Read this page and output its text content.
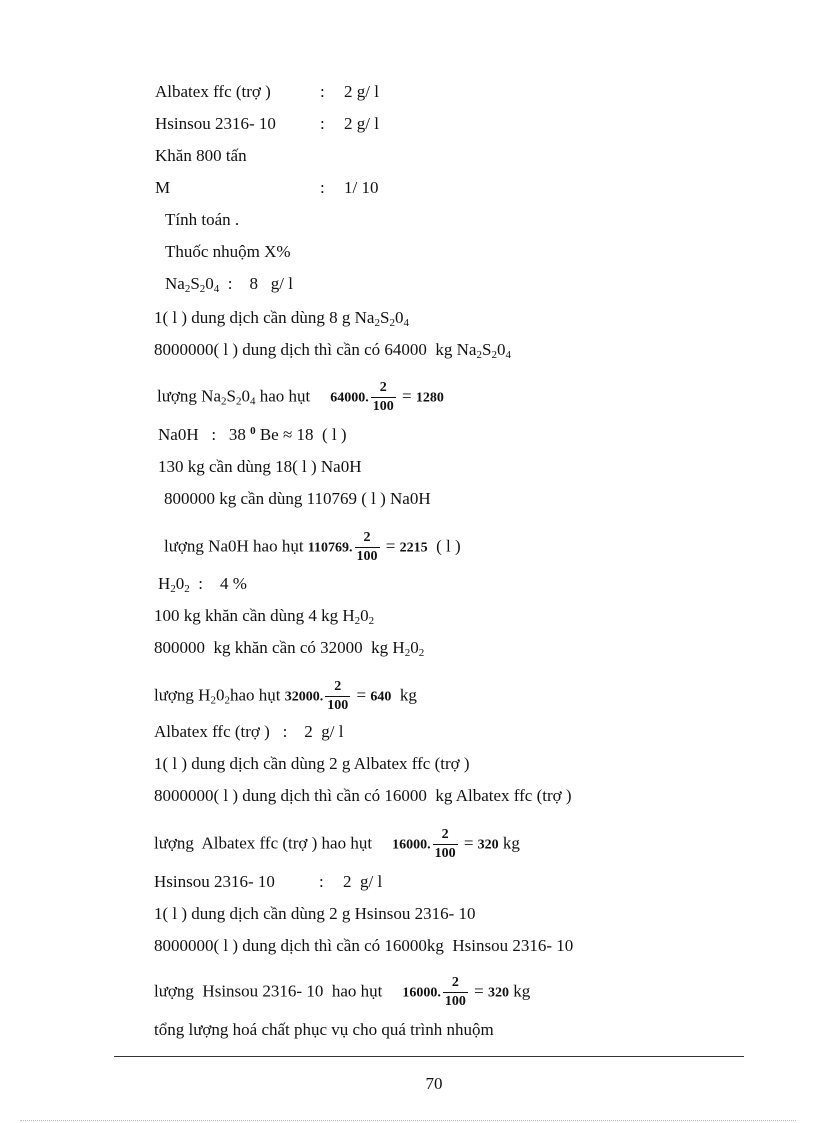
Albatex ffc (trợ )	: 2 g/ l
Hsinsou 2316- 10	: 2 g/ l
Khăn 800 tấn
M	: 1/ 10
Tính toán .
Thuốc nhuộm X%
$Na_2S_20_4$  :    8   g/ l
1( l ) dung dịch cần dùng 8 g $Na_2S_20_4$
8000000( l ) dung dịch thì cần có 64000  kg $Na_2S_20_4$
lượng $Na_2S_20_4$ hao hụt 64000. $\frac{2}{100} = 1280$
Na0H   :   38 $^0$ Be ≈ 18  ( l )
130 kg cần dùng 18( l ) Na0H
800000 kg cần dùng 110769 ( l ) Na0H
lượng Na0H hao hụt 110769. $\frac{2}{100} = 2215$  ( l )
$H_20_2$  :    4 %
100 kg khăn cần dùng 4 kg $H_20_2$
800000  kg khăn cần có 32000  kg $H_20_2$
lượng $H_20_2hao$ hụt 32000. $\frac{2}{100} = 640$  kg
Albatex ffc (trợ )   :    2  g/ l
1( l ) dung dịch cần dùng 2 g Albatex ffc (trợ )
8000000( l ) dung dịch thì cần có 16000  kg Albatex ffc (trợ )
lượng  Albatex ffc (trợ ) hao hụt 16000. $\frac{2}{100} = 320$ kg
Hsinsou 2316- 10	: 2  g/ l
1( l ) dung dịch cần dùng 2 g Hsinsou 2316- 10
8000000( l ) dung dịch thì cần có 16000kg  Hsinsou 2316- 10
lượng  Hsinsou 2316- 10  hao hụt 16000. $\frac{2}{100} = 320$ kg
tổng lượng hoá chất phục vụ cho quá trình nhuộm
70
